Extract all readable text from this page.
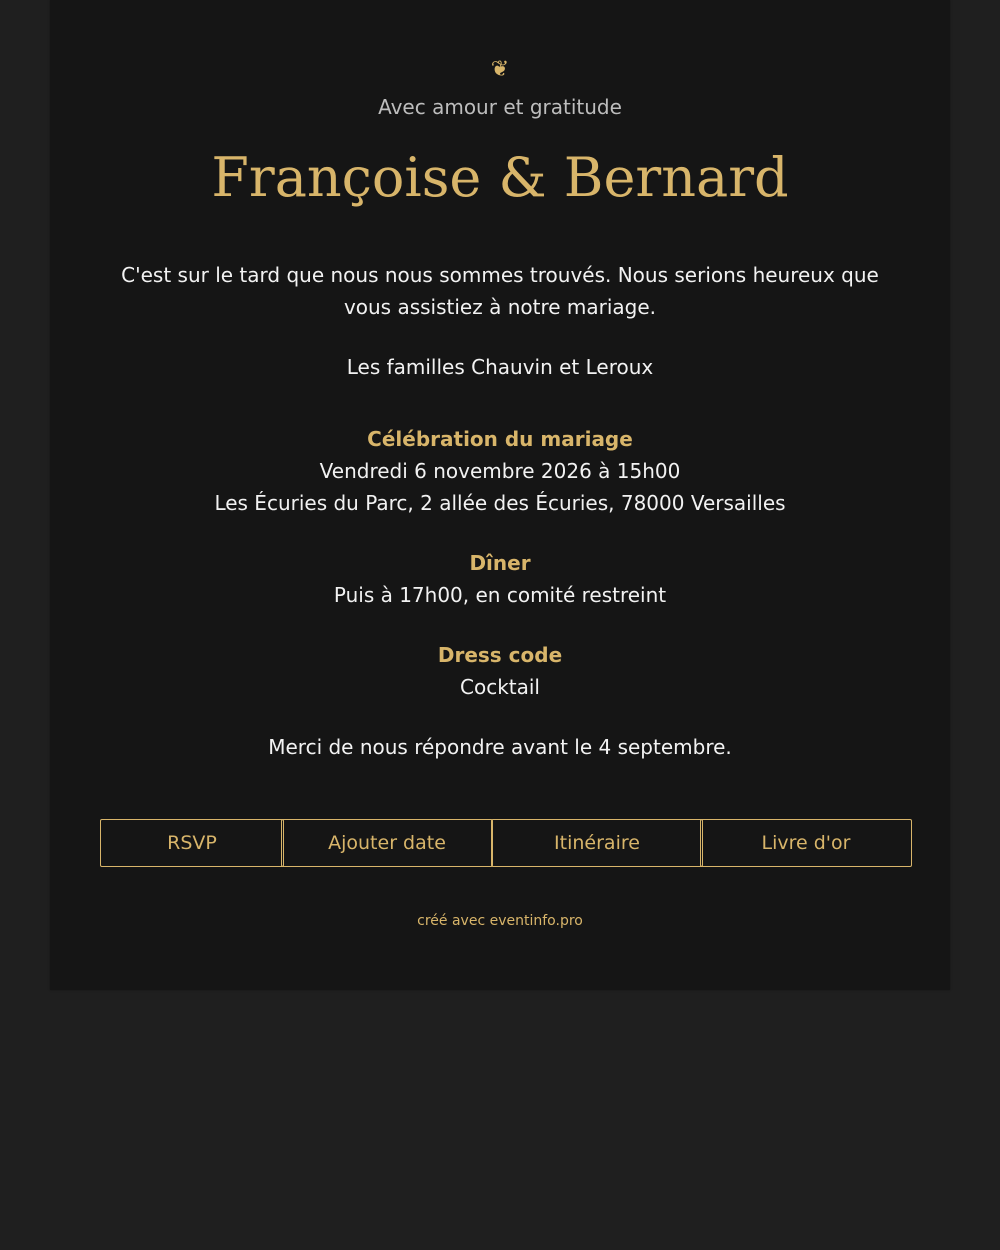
❦
Avec amour et gratitude
Françoise & Bernard
C'est sur le tard que nous nous sommes trouvés. Nous serions heureux que vous assistiez à notre mariage.
Les familles Chauvin et Leroux
Célébration du mariage
Vendredi 6 novembre 2026 à 15h00
Les Écuries du Parc, 2 allée des Écuries, 78000 Versailles
Dîner
Puis à 17h00, en comité restreint
Dress code
Cocktail
Merci de nous répondre avant le 4 septembre.
RSVP	Ajouter date	Itinéraire	Livre d'or
créé avec eventinfo.pro
